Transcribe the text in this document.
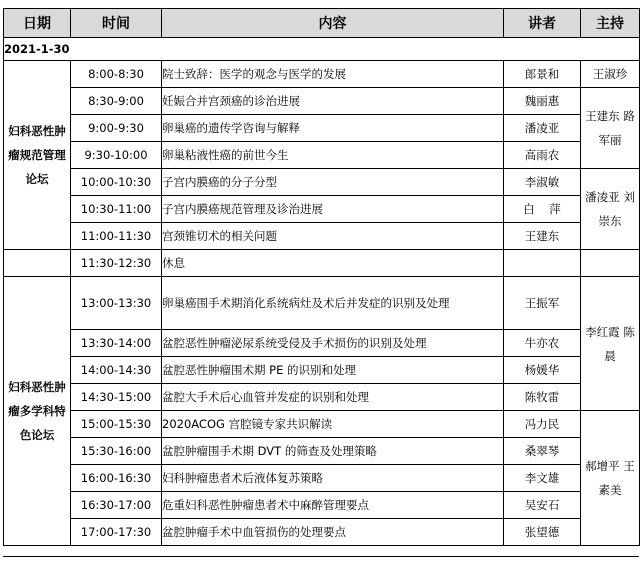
日期	时间	内容	讲者	主持
2021-1-30				
妇科恶性肿瘤规范管理论坛	8:00-8:30	院士致辞：医学的观念与医学的发展	郎景和	王淑珍
	8:30-9:00	妊娠合并宫颈癌的诊治进展	魏丽惠	王建东 路军丽
	9:00-9:30	卵巢癌的遗传学咨询与解释	潘凌亚	
	9:30-10:00	卵巢粘液性癌的前世今生	高雨农	
	10:00-10:30	子宫内膜癌的分子分型	李淑敏	潘凌亚 刘崇东
	10:30-11:00	子宫内膜癌规范管理及诊治进展	白    萍	
	11:00-11:30	宫颈锥切术的相关问题	王建东	
	11:30-12:30	休息		
妇科恶性肿瘤多学科特色论坛	13:00-13:30	卵巢癌围手术期消化系统病灶及术后并发症的识别及处理	王振军	李红霞 陈 晨
	13:30-14:00	盆腔恶性肿瘤泌尿系统受侵及手术损伤的识别及处理	牛亦农	
	14:00-14:30	盆腔恶性肿瘤围术期 PE 的识别和处理	杨媛华	
	14:30-15:00	盆腔大手术后心血管并发症的识别和处理	陈牧雷	
	15:00-15:30	2020ACOG 宫腔镜专家共识解读	冯力民	郝增平 王素美
	15:30-16:00	盆腔肿瘤围手术期 DVT 的筛查及处理策略	桑翠琴	
	16:00-16:30	妇科肿瘤患者术后液体复苏策略	李文雄	
	16:30-17:00	危重妇科恶性肿瘤患者术中麻醉管理要点	吴安石	
	17:00-17:30	盆腔肿瘤手术中血管损伤的处理要点	张望德	
